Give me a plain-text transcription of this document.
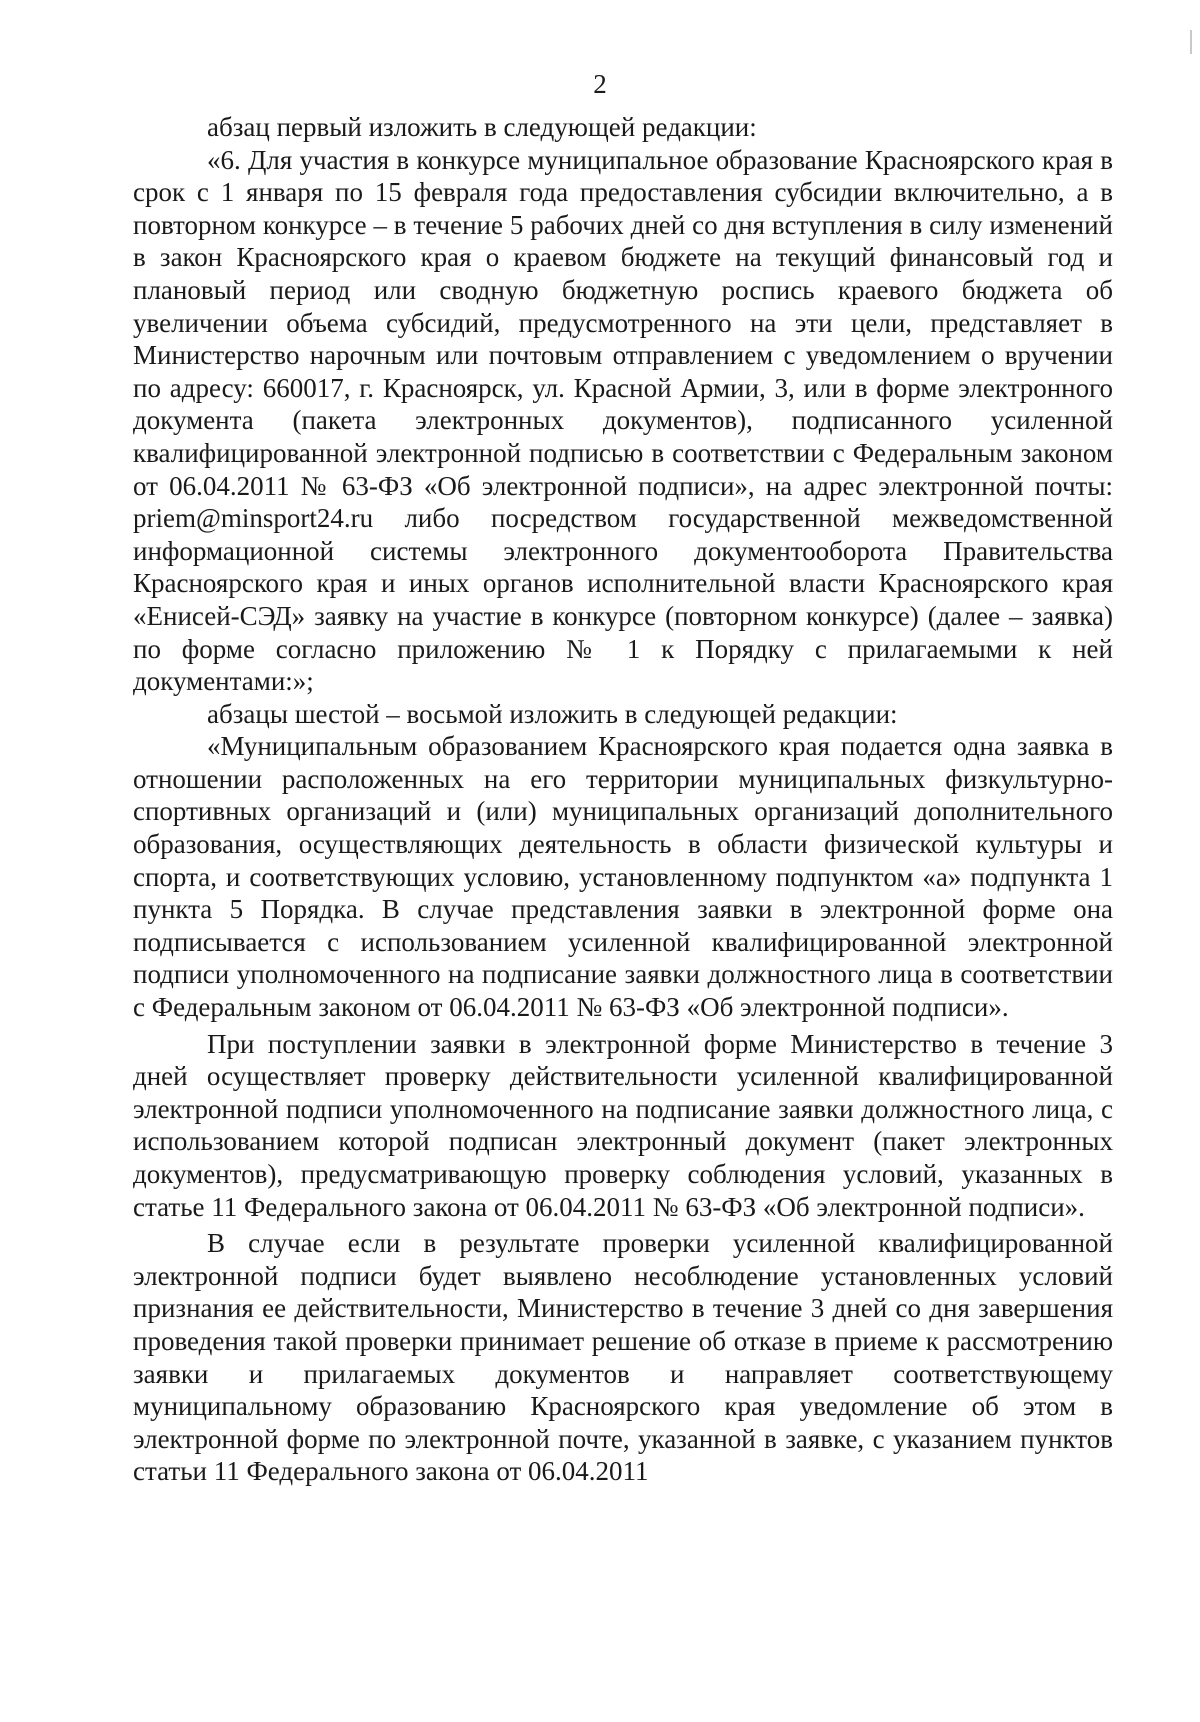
2

абзац первый изложить в следующей редакции:

«6. Для участия в конкурсе муниципальное образование Красноярского края в срок с 1 января по 15 февраля года предоставления субсидии включительно, а в повторном конкурсе – в течение 5 рабочих дней со дня вступления в силу изменений в закон Красноярского края о краевом бюджете на текущий финансовый год и плановый период или сводную бюджетную роспись краевого бюджета об увеличении объема субсидий, предусмотренного на эти цели, представляет в Министерство нарочным или почтовым отправлением с уведомлением о вручении по адресу: 660017, г. Красноярск, ул. Красной Армии, 3, или в форме электронного документа (пакета электронных документов), подписанного усиленной квалифицированной электронной подписью в соответствии с Федеральным законом от 06.04.2011 № 63-ФЗ «Об электронной подписи», на адрес электронной почты: priem@minsport24.ru либо посредством государственной межведомственной информационной системы электронного документооборота Правительства Красноярского края и иных органов исполнительной власти Красноярского края «Енисей-СЭД» заявку на участие в конкурсе (повторном конкурсе) (далее – заявка) по форме согласно приложению № 1 к Порядку с прилагаемыми к ней документами:»;

абзацы шестой – восьмой изложить в следующей редакции:

«Муниципальным образованием Красноярского края подается одна заявка в отношении расположенных на его территории муниципальных физкультурно-спортивных организаций и (или) муниципальных организаций дополнительного образования, осуществляющих деятельность в области физической культуры и спорта, и соответствующих условию, установленному подпунктом «а» подпункта 1 пункта 5 Порядка. В случае представления заявки в электронной форме она подписывается с использованием усиленной квалифицированной электронной подписи уполномоченного на подписание заявки должностного лица в соответствии с Федеральным законом от 06.04.2011 № 63-ФЗ «Об электронной подписи».

При поступлении заявки в электронной форме Министерство в течение 3 дней осуществляет проверку действительности усиленной квалифицированной электронной подписи уполномоченного на подписание заявки должностного лица, с использованием которой подписан электронный документ (пакет электронных документов), предусматривающую проверку соблюдения условий, указанных в статье 11 Федерального закона от 06.04.2011 № 63-ФЗ «Об электронной подписи».

В случае если в результате проверки усиленной квалифицированной электронной подписи будет выявлено несоблюдение установленных условий признания ее действительности, Министерство в течение 3 дней со дня завершения проведения такой проверки принимает решение об отказе в приеме к рассмотрению заявки и прилагаемых документов и направляет соответствующему муниципальному образованию Красноярского края уведомление об этом в электронной форме по электронной почте, указанной в заявке, с указанием пунктов статьи 11 Федерального закона от 06.04.2011
